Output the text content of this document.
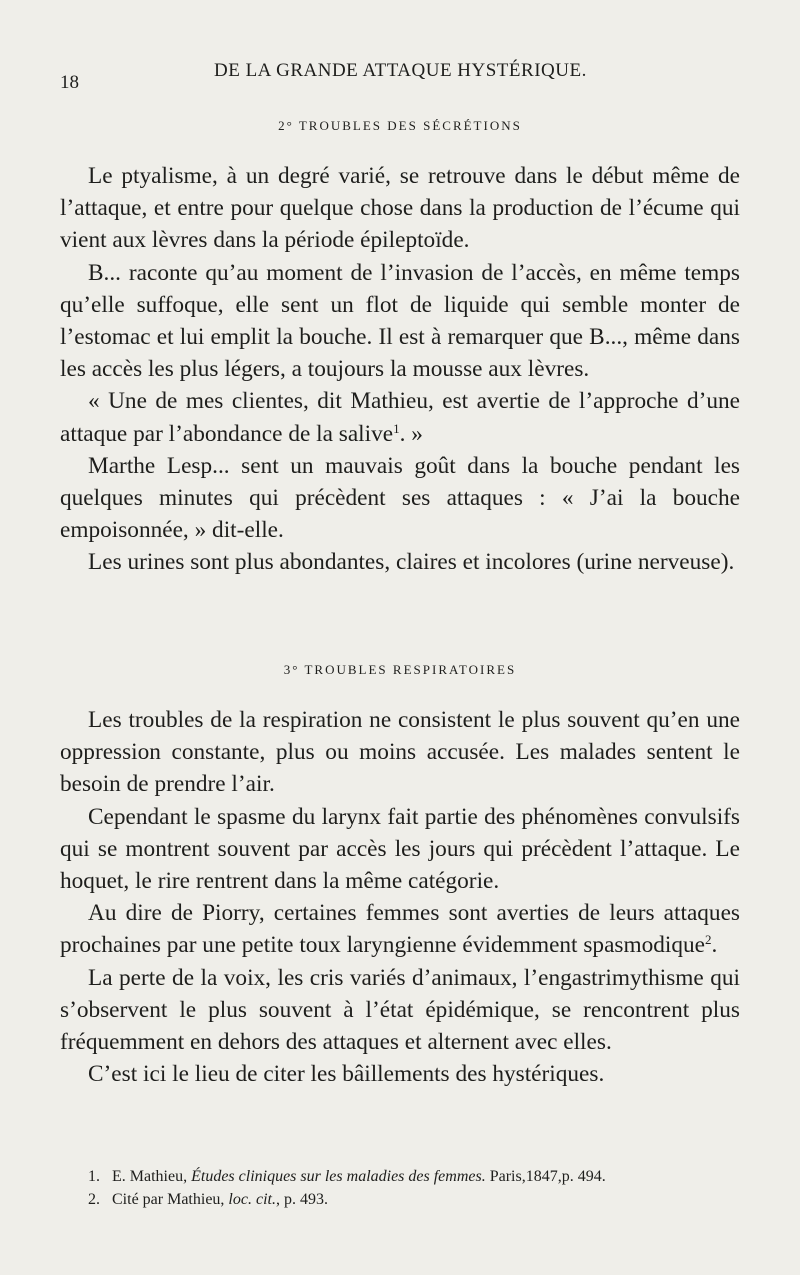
18
DE LA GRANDE ATTAQUE HYSTÉRIQUE.
2° TROUBLES DES SÉCRÉTIONS

Le ptyalisme, à un degré varié, se retrouve dans le début même de l’attaque, et entre pour quelque chose dans la production de l’écume qui vient aux lèvres dans la période épileptoïde.

B... raconte qu’au moment de l’invasion de l’accès, en même temps qu’elle suffoque, elle sent un flot de liquide qui semble monter de l’estomac et lui emplit la bouche. Il est à remarquer que B..., même dans les accès les plus légers, a toujours la mousse aux lèvres.

« Une de mes clientes, dit Mathieu, est avertie de l’approche d’une attaque par l’abondance de la salive$^1$. »

Marthe Lesp... sent un mauvais goût dans la bouche pendant les quelques minutes qui précèdent ses attaques : « J’ai la bouche empoisonnée, » dit-elle.

Les urines sont plus abondantes, claires et incolores (urine nerveuse).

3° TROUBLES RESPIRATOIRES

Les troubles de la respiration ne consistent le plus souvent qu’en une oppression constante, plus ou moins accusée. Les malades sentent le besoin de prendre l’air.

Cependant le spasme du larynx fait partie des phénomènes convulsifs qui se montrent souvent par accès les jours qui précèdent l’attaque. Le hoquet, le rire rentrent dans la même catégorie.

Au dire de Piorry, certaines femmes sont averties de leurs attaques prochaines par une petite toux laryngienne évidemment spasmodique$^2$.

La perte de la voix, les cris variés d’animaux, l’engastrimythisme qui s’observent le plus souvent à l’état épidémique, se rencontrent plus fréquemment en dehors des attaques et alternent avec elles.

C’est ici le lieu de citer les bâillements des hystériques.

1. E. Mathieu, Études cliniques sur les maladies des femmes. Paris,1847,p. 494.
2. Cité par Mathieu, loc. cit., p. 493.
